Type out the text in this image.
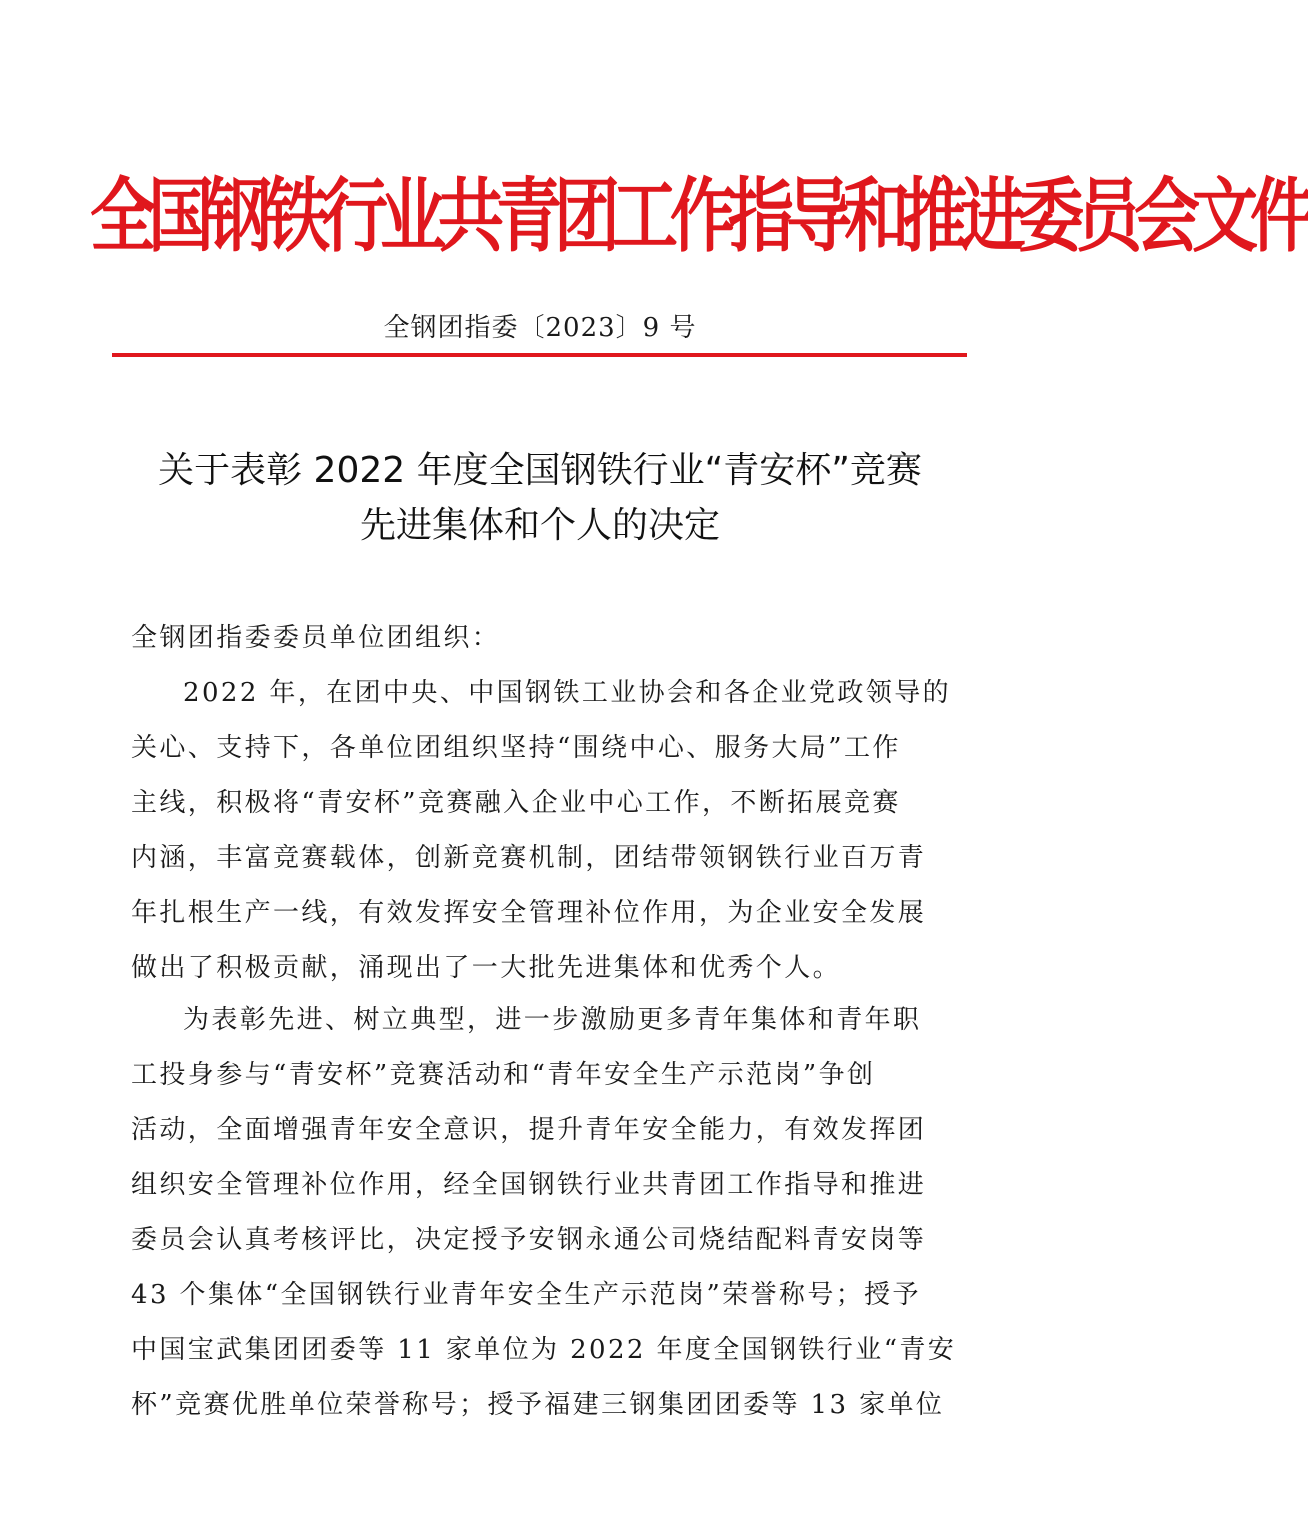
全国钢铁行业共青团工作指导和推进委员会文件
全钢团指委〔2023〕9 号
关于表彰 2022 年度全国钢铁行业“青安杯”竞赛
先进集体和个人的决定
全钢团指委委员单位团组织：
2022 年，在团中央、中国钢铁工业协会和各企业党政领导的
关心、支持下，各单位团组织坚持“围绕中心、服务大局”工作
主线，积极将“青安杯”竞赛融入企业中心工作，不断拓展竞赛
内涵，丰富竞赛载体，创新竞赛机制，团结带领钢铁行业百万青
年扎根生产一线，有效发挥安全管理补位作用，为企业安全发展
做出了积极贡献，涌现出了一大批先进集体和优秀个人。
为表彰先进、树立典型，进一步激励更多青年集体和青年职
工投身参与“青安杯”竞赛活动和“青年安全生产示范岗”争创
活动，全面增强青年安全意识，提升青年安全能力，有效发挥团
组织安全管理补位作用，经全国钢铁行业共青团工作指导和推进
委员会认真考核评比，决定授予安钢永通公司烧结配料青安岗等
43 个集体“全国钢铁行业青年安全生产示范岗”荣誉称号；授予
中国宝武集团团委等 11 家单位为 2022 年度全国钢铁行业“青安
杯”竞赛优胜单位荣誉称号；授予福建三钢集团团委等 13 家单位
